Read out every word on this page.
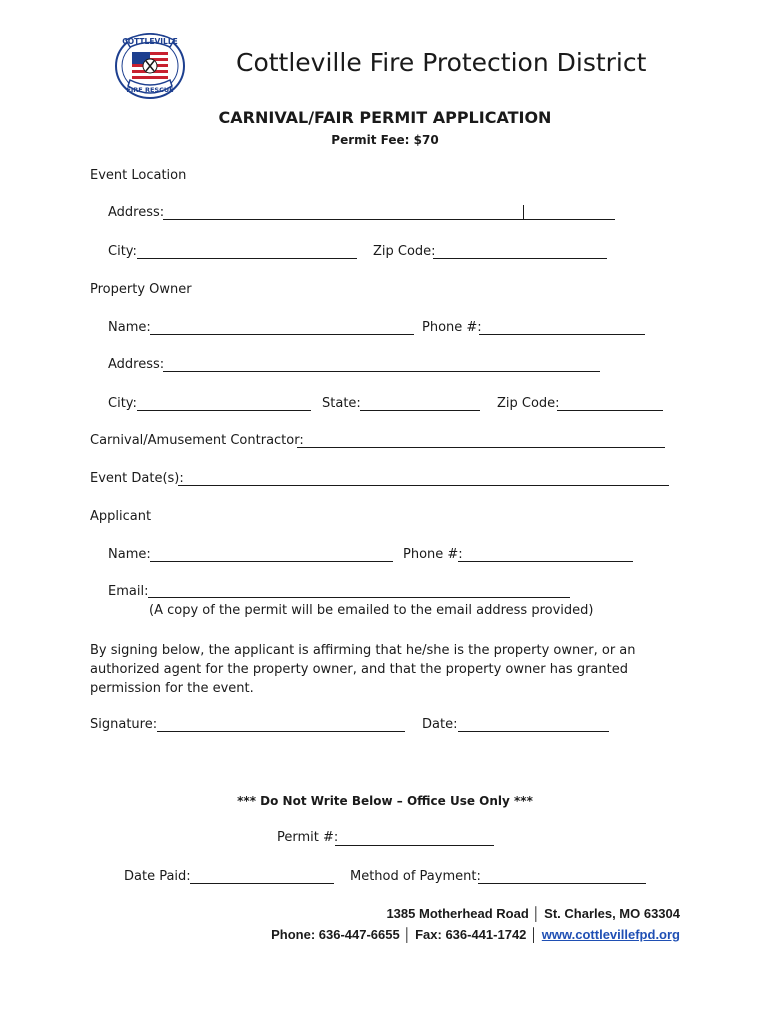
COTTLEVILLE
FIRE RESCUE
Cottleville Fire Protection District
CARNIVAL/FAIR PERMIT APPLICATION
Permit Fee: $70
Event Location
Address:
City:	Zip Code:
Property Owner
Name:	Phone #:
Address:
City:	State:	Zip Code:
Carnival/Amusement Contractor:
Event Date(s):
Applicant
Name:	Phone #:
Email:
(A copy of the permit will be emailed to the email address provided)
By signing below, the applicant is affirming that he/she is the property owner, or an authorized agent for the property owner, and that the property owner has granted permission for the event.
Signature:	Date:
*** Do Not Write Below – Office Use Only ***
Permit #:
Date Paid:	Method of Payment:
1385 Motherhead Road │ St. Charles, MO 63304
Phone: 636-447-6655 │ Fax: 636-441-1742 │ www.cottlevillefpd.org
